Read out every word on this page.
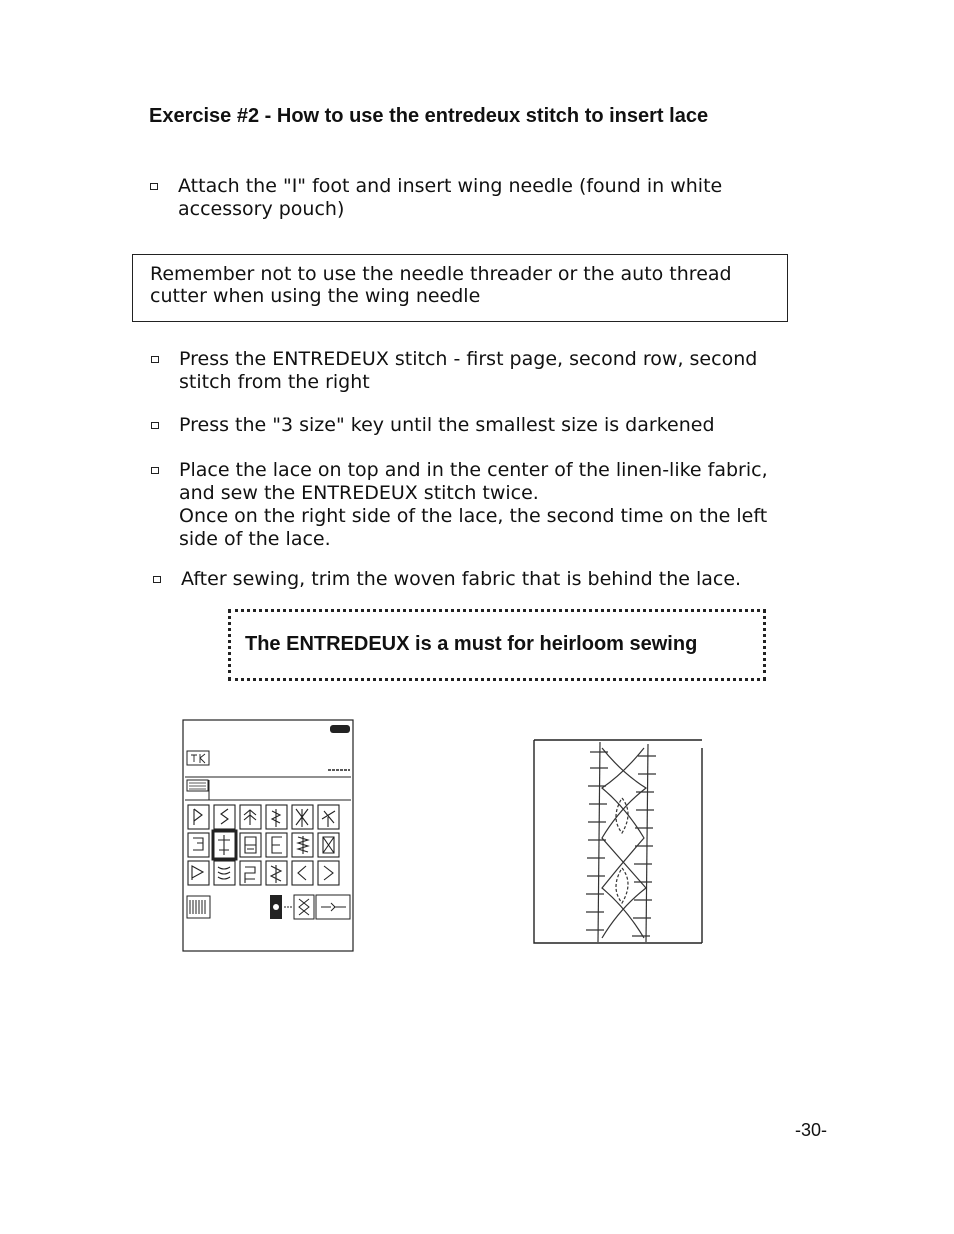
Exercise #2 - How to use the entredeux stitch to insert lace

Attach the "I" foot and insert wing needle (found in white

accessory pouch)

Remember not to use the needle threader or the auto thread
cutter when using the wing needle

Press the ENTREDEUX stitch - first page, second row, second

stitch from the right

Press the "3 size" key until the smallest size is darkened

Place the lace on top and in the center of the linen-like fabric,

and sew the ENTREDEUX stitch twice.

Once on the right side of the lace, the second time on the left

side of the lace.

After sewing, trim the woven fabric that is behind the lace.

The ENTREDEUX is a must for heirloom sewing
-30-
